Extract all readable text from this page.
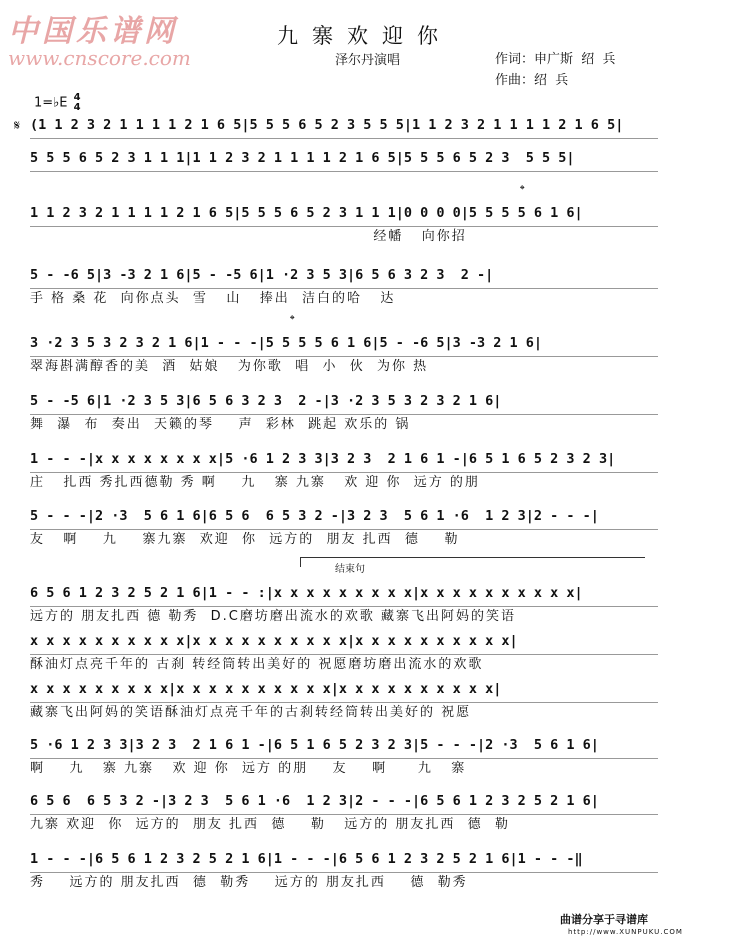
中国乐谱网
www.cnscore.com
九寨欢迎你
泽尔丹演唱	作词：申广斯  绍  兵
作曲：绍  兵
1=♭E 4
4
𝄋
𝄌
𝄌
结束句
(1 1 2 3 2 1 1 1 1 2 1 6 5|5 5 5 6 5 2 3 5 5 5|1 1 2 3 2 1 1 1 1 2 1 6 5|
5 5 5 6 5 2 3 1 1 1|1 1 2 3 2 1 1 1 1 2 1 6 5|5 5 5 6 5 2 3  5 5 5|
1 1 2 3 2 1 1 1 1 2 1 6 5|5 5 5 6 5 2 3 1 1 1|0 0 0 0|5 5 5 5 6 1 6|
经幡   向你招
5 - -6 5|3 -3 2 1 6|5 - -5 6|1 ·2 3 5 3|6 5 6 3 2 3  2 -|
手 格 桑 花  向你点头  雪   山   捧出  洁白的哈   达
3 ·2 3 5 3 2 3 2 1 6|1 - - -|5 5 5 5 6 1 6|5 - -6 5|3 -3 2 1 6|
翠海斟满醇香的美  酒  姑娘   为你歌  唱  小  伙  为你 热
5 - -5 6|1 ·2 3 5 3|6 5 6 3 2 3  2 -|3 ·2 3 5 3 2 3 2 1 6|
舞  瀑  布  奏出  天籁的琴    声  彩林  跳起 欢乐的 锅
1 - - -|x x x x x x x x|5 ·6 1 2 3 3|3 2 3  2 1 6 1 -|6 5 1 6 5 2 3 2 3|
庄   扎西 秀扎西德勒 秀 啊    九   寨 九寨   欢 迎 你  远方 的朋
5 - - -|2 ·3  5 6 1 6|6 5 6  6 5 3 2 -|3 2 3  5 6 1 ·6  1 2 3|2 - - -|
友   啊    九    寨九寨  欢迎  你  远方的  朋友 扎西  德    勒
6 5 6 1 2 3 2 5 2 1 6|1 - - :|x x x x x x x x x|x x x x x x x x x x|
远方的 朋友扎西 德 勒秀  D.C磨坊磨出流水的欢歌 藏寨飞出阿妈的笑语
x x x x x x x x x x|x x x x x x x x x x|x x x x x x x x x x|
酥油灯点亮千年的 古刹 转经筒转出美好的 祝愿磨坊磨出流水的欢歌
x x x x x x x x x|x x x x x x x x x x|x x x x x x x x x x|
藏寨飞出阿妈的笑语酥油灯点亮千年的古刹转经筒转出美好的 祝愿
5 ·6 1 2 3 3|3 2 3  2 1 6 1 -|6 5 1 6 5 2 3 2 3|5 - - -|2 ·3  5 6 1 6|
啊    九   寨 九寨   欢 迎 你  远方 的朋    友    啊     九   寨
6 5 6  6 5 3 2 -|3 2 3  5 6 1 ·6  1 2 3|2 - - -|6 5 6 1 2 3 2 5 2 1 6|
九寨 欢迎  你  远方的  朋友 扎西  德    勒   远方的 朋友扎西  德  勒
1 - - -|6 5 6 1 2 3 2 5 2 1 6|1 - - -|6 5 6 1 2 3 2 5 2 1 6|1 - - -‖
秀    远方的 朋友扎西  德  勒秀    远方的 朋友扎西    德  勒秀
曲谱分享于寻谱库
http://www.XUNPUKU.COM
